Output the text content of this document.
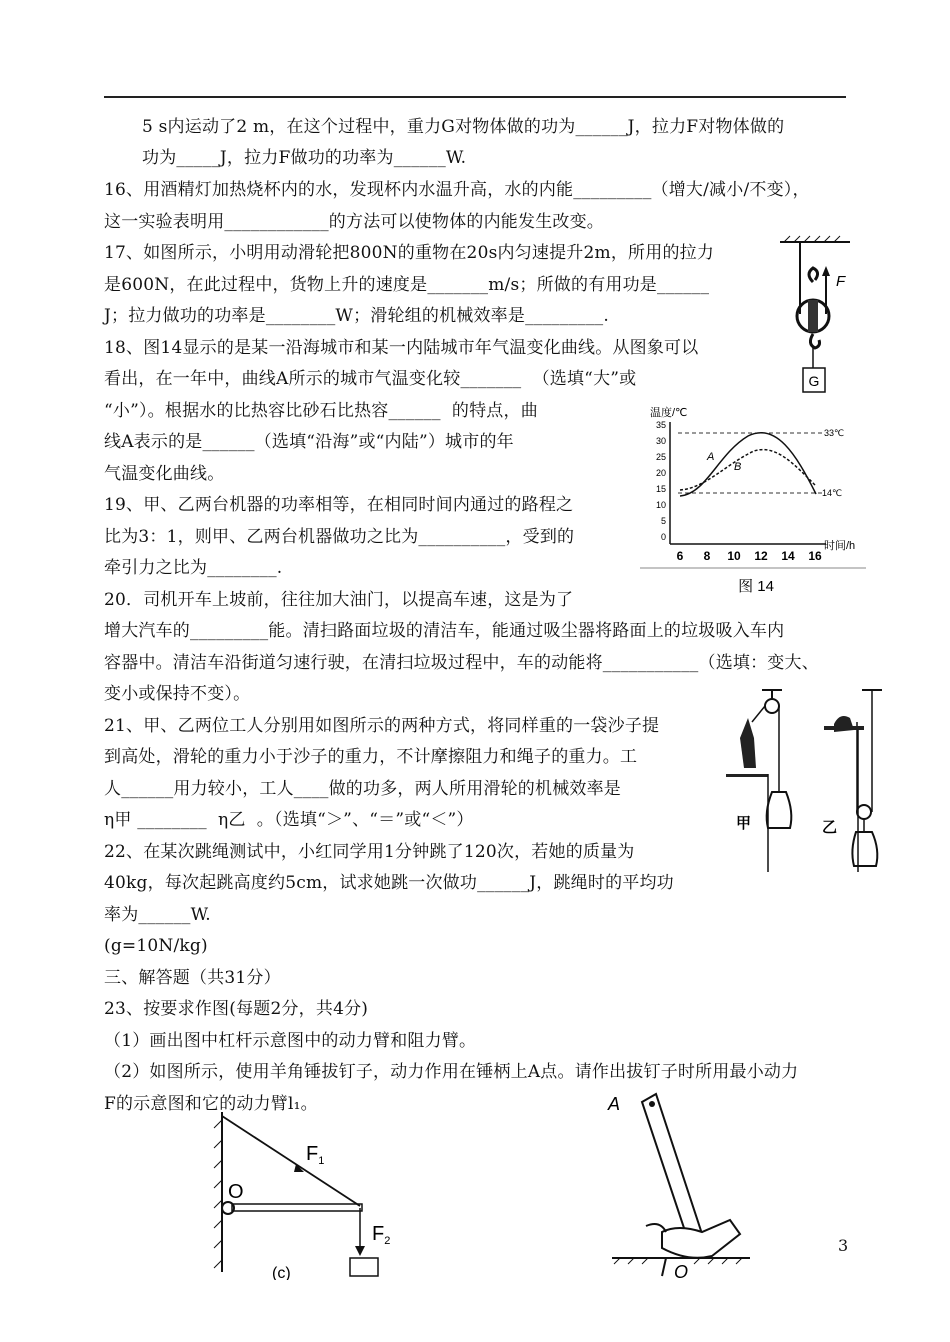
5 s内运动了2 m，在这个过程中，重力G对物体做的功为______J，拉力F对物体做的
功为_____J，拉力F做功的功率为______W.
16、用酒精灯加热烧杯内的水，发现杯内水温升高，水的内能_________（增大/减小/不变），
这一实验表明用____________的方法可以使物体的内能发生改变。
17、如图所示，小明用动滑轮把800N的重物在20s内匀速提升2m，所用的拉力
是600N，在此过程中，货物上升的速度是_______m/s；所做的有用功是______
J；拉力做功的功率是________W；滑轮组的机械效率是_________.
18、图14显示的是某一沿海城市和某一内陆城市年气温变化曲线。从图象可以
看出，在一年中，曲线A所示的城市气温变化较_______  （选填“大”或
“小”）。根据水的比热容比砂石比热容______  的特点，曲
线A表示的是______（选填“沿海”或“内陆”）城市的年
气温变化曲线。
19、甲、乙两台机器的功率相等，在相同时间内通过的路程之
比为3：1，则甲、乙两台机器做功之比为__________，受到的
牵引力之比为________.
20．司机开车上坡前，往往加大油门，以提高车速，这是为了
增大汽车的_________能。清扫路面垃圾的清洁车，能通过吸尘器将路面上的垃圾吸入车内
容器中。清洁车沿街道匀速行驶，在清扫垃圾过程中，车的动能将___________（选填：变大、
变小或保持不变）。
21、甲、乙两位工人分别用如图所示的两种方式，将同样重的一袋沙子提
到高处，滑轮的重力小于沙子的重力，不计摩擦阻力和绳子的重力。工
人______用力较小，工人____做的功多，两人所用滑轮的机械效率是
η甲 ________  η乙  。（选填“＞”、“＝”或“＜”）
22、在某次跳绳测试中，小红同学用1分钟跳了120次，若她的质量为
40kg，每次起跳高度约5cm，试求她跳一次做功______J，跳绳时的平均功
率为______W.
(g=10N/kg)
三、解答题（共31分）
23、按要求作图(每题2分，共4分)
（1）画出图中杠杆示意图中的动力臂和阻力臂。
（2）如图所示，使用羊角锤拔钉子，动力作用在锤柄上A点。请作出拔钉子时所用最小动力
F的示意图和它的动力臂l₁。
3
G
F
温度/℃
35
30
25
20
15
10
5
0
6 8 10 12 14 16
A
B
33℃
14℃
时间/h
图 14
甲	乙
$F_1$
$F_2$
O
(c)
A
O
